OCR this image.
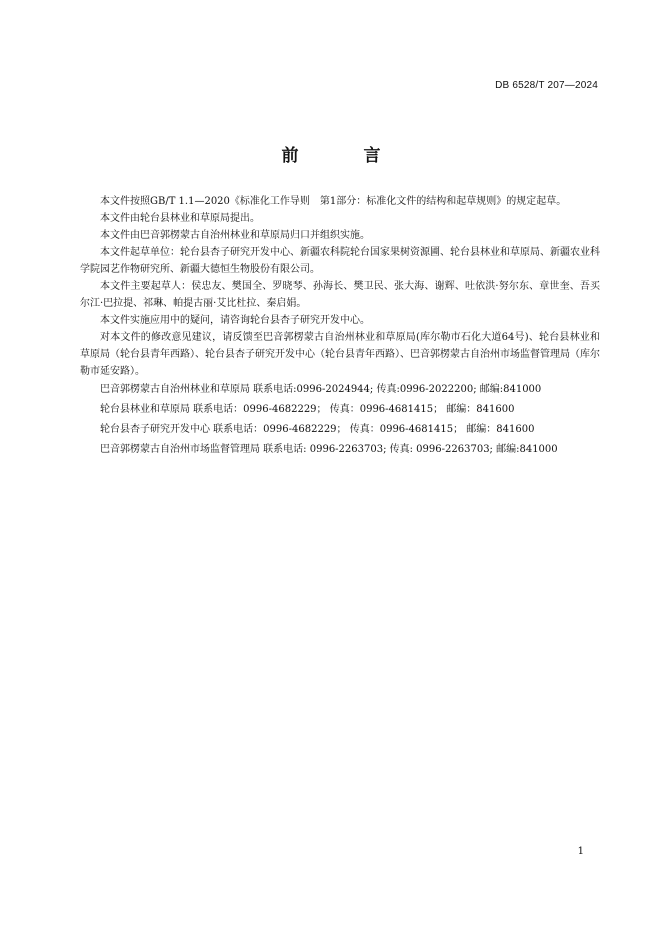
DB 6528/T 207—2024
前　言

本文件按照GB/T 1.1—2020《标准化工作导则　第1部分：标准化文件的结构和起草规则》的规定起草。

本文件由轮台县林业和草原局提出。

本文件由巴音郭楞蒙古自治州林业和草原局归口并组织实施。

本文件起草单位：轮台县杏子研究开发中心、新疆农科院轮台国家果树资源圃、轮台县林业和草原局、新疆农业科学院园艺作物研究所、新疆大德恒生物股份有限公司。

本文件主要起草人：侯忠友、樊国全、罗晓琴、孙海长、樊卫民、张大海、谢辉、吐依洪·努尔东、章世奎、吾买尔江·巴拉提、祁琳、帕提古丽·艾比杜拉、秦启娟。

本文件实施应用中的疑问，请咨询轮台县杏子研究开发中心。

对本文件的修改意见建议，请反馈至巴音郭楞蒙古自治州林业和草原局(库尔勒市石化大道64号)、轮台县林业和草原局（轮台县青年西路）、轮台县杏子研究开发中心（轮台县青年西路）、巴音郭楞蒙古自治州市场监督管理局（库尔勒市延安路）。

巴音郭楞蒙古自治州林业和草原局 联系电话:0996-2024944; 传真:0996-2022200; 邮编:841000

轮台县林业和草原局 联系电话：0996-4682229； 传真：0996-4681415； 邮编：841600

轮台县杏子研究开发中心 联系电话：0996-4682229； 传真：0996-4681415； 邮编：841600

巴音郭楞蒙古自治州市场监督管理局 联系电话: 0996-2263703; 传真: 0996-2263703; 邮编:841000

1
